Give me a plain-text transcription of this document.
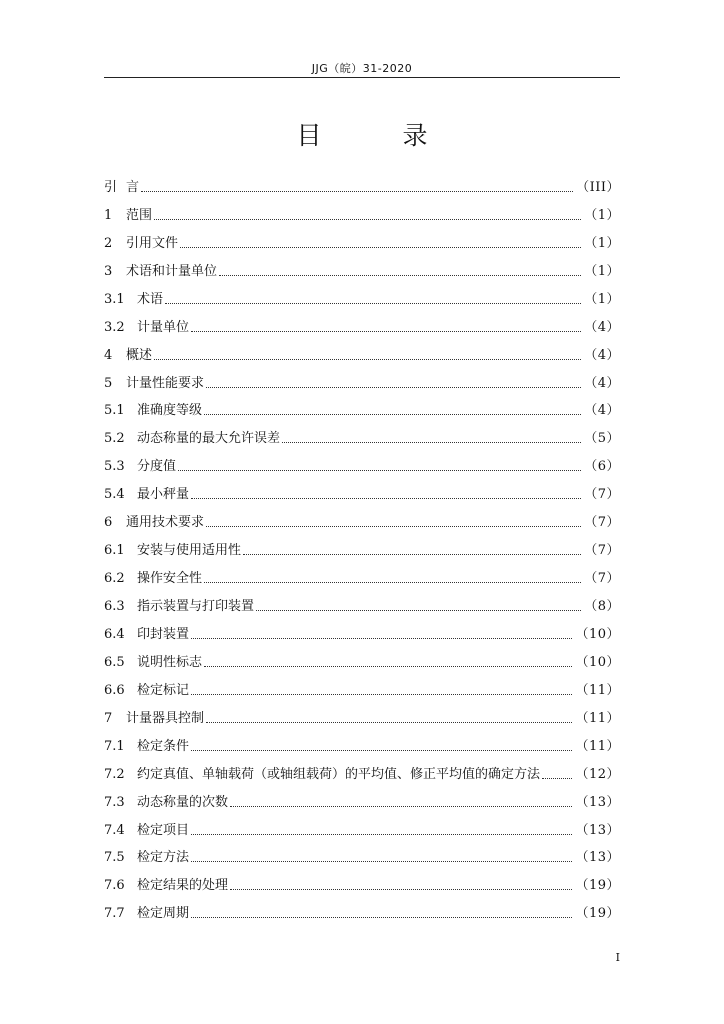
JJG（皖）31-2020
目　录
引 言	（III）
1	范围	（1）
2	引用文件	（1）
3	术语和计量单位	（1）
3.1 术语	（1）
3.2 计量单位	（4）
4	概述	（4）
5	计量性能要求	（4）
5.1 准确度等级	（4）
5.2 动态称量的最大允许误差	（5）
5.3 分度值	（6）
5.4 最小秤量	（7）
6	通用技术要求	（7）
6.1 安装与使用适用性	（7）
6.2 操作安全性	（7）
6.3 指示装置与打印装置	（8）
6.4 印封装置	（10）
6.5 说明性标志	（10）
6.6 检定标记	（11）
7	计量器具控制	（11）
7.1 检定条件	（11）
7.2 约定真值、单轴载荷（或轴组载荷）的平均值、修正平均值的确定方法	（12）
7.3 动态称量的次数	（13）
7.4 检定项目	（13）
7.5 检定方法	（13）
7.6 检定结果的处理	（19）
7.7 检定周期	（19）
I
